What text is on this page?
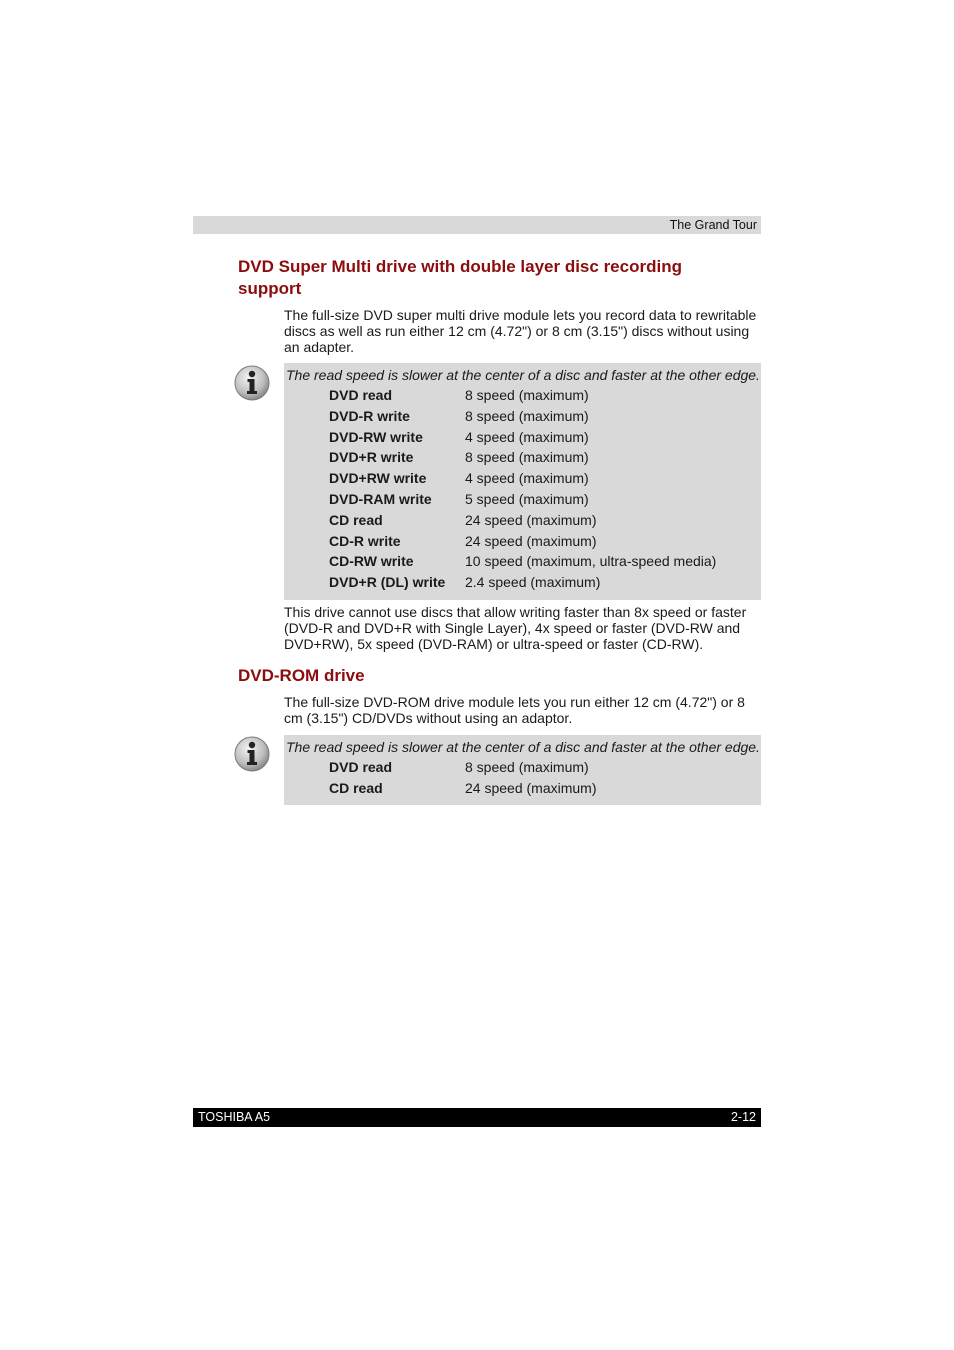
The Grand Tour
DVD Super Multi drive with double layer disc recording support

The full-size DVD super multi drive module lets you record data to rewritable discs as well as run either 12 cm (4.72") or 8 cm (3.15") discs without using an adapter.

The read speed is slower at the center of a disc and faster at the other edge.

DVD read	8 speed (maximum)
DVD-R write	8 speed (maximum)
DVD-RW write	4 speed (maximum)
DVD+R write	8 speed (maximum)
DVD+RW write	4 speed (maximum)
DVD-RAM write	5 speed (maximum)
CD read	24 speed (maximum)
CD-R write	24 speed (maximum)
CD-RW write	10 speed (maximum, ultra-speed media)
DVD+R (DL) write	2.4 speed (maximum)

This drive cannot use discs that allow writing faster than 8x speed or faster (DVD-R and DVD+R with Single Layer), 4x speed or faster (DVD-RW and DVD+RW), 5x speed (DVD-RAM) or ultra-speed or faster (CD-RW).

DVD-ROM drive

The full-size DVD-ROM drive module lets you run either 12 cm (4.72") or 8 cm (3.15") CD/DVDs without using an adaptor.

The read speed is slower at the center of a disc and faster at the other edge.

DVD read	8 speed (maximum)
CD read	24 speed (maximum)
TOSHIBA A5	2-12
